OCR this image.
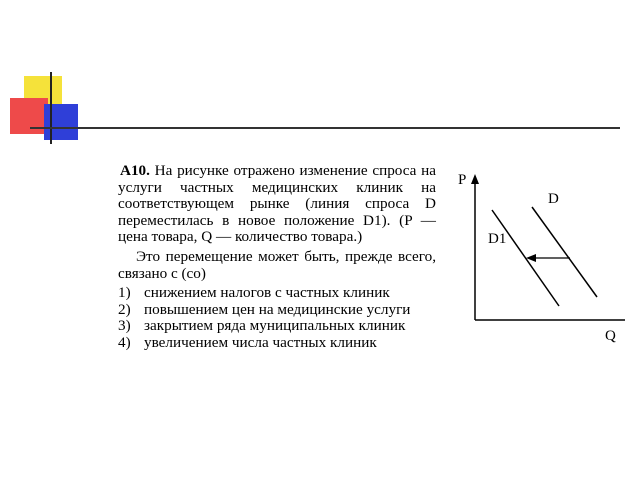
А10. На рисунке отражено изменение спроса на услуги частных медицинских клиник на соответствующем рынке (линия спроса D переместилась в новое положение D1). (P — цена товара, Q — количество товара.)

Это перемещение может быть, прежде всего, связано с (со)

1) снижением налогов с частных клиник
2) повышением цен на медицинские услуги
3) закрытием ряда муниципальных клиник
4) увеличением числа частных клиник
P
Q
D
D1
